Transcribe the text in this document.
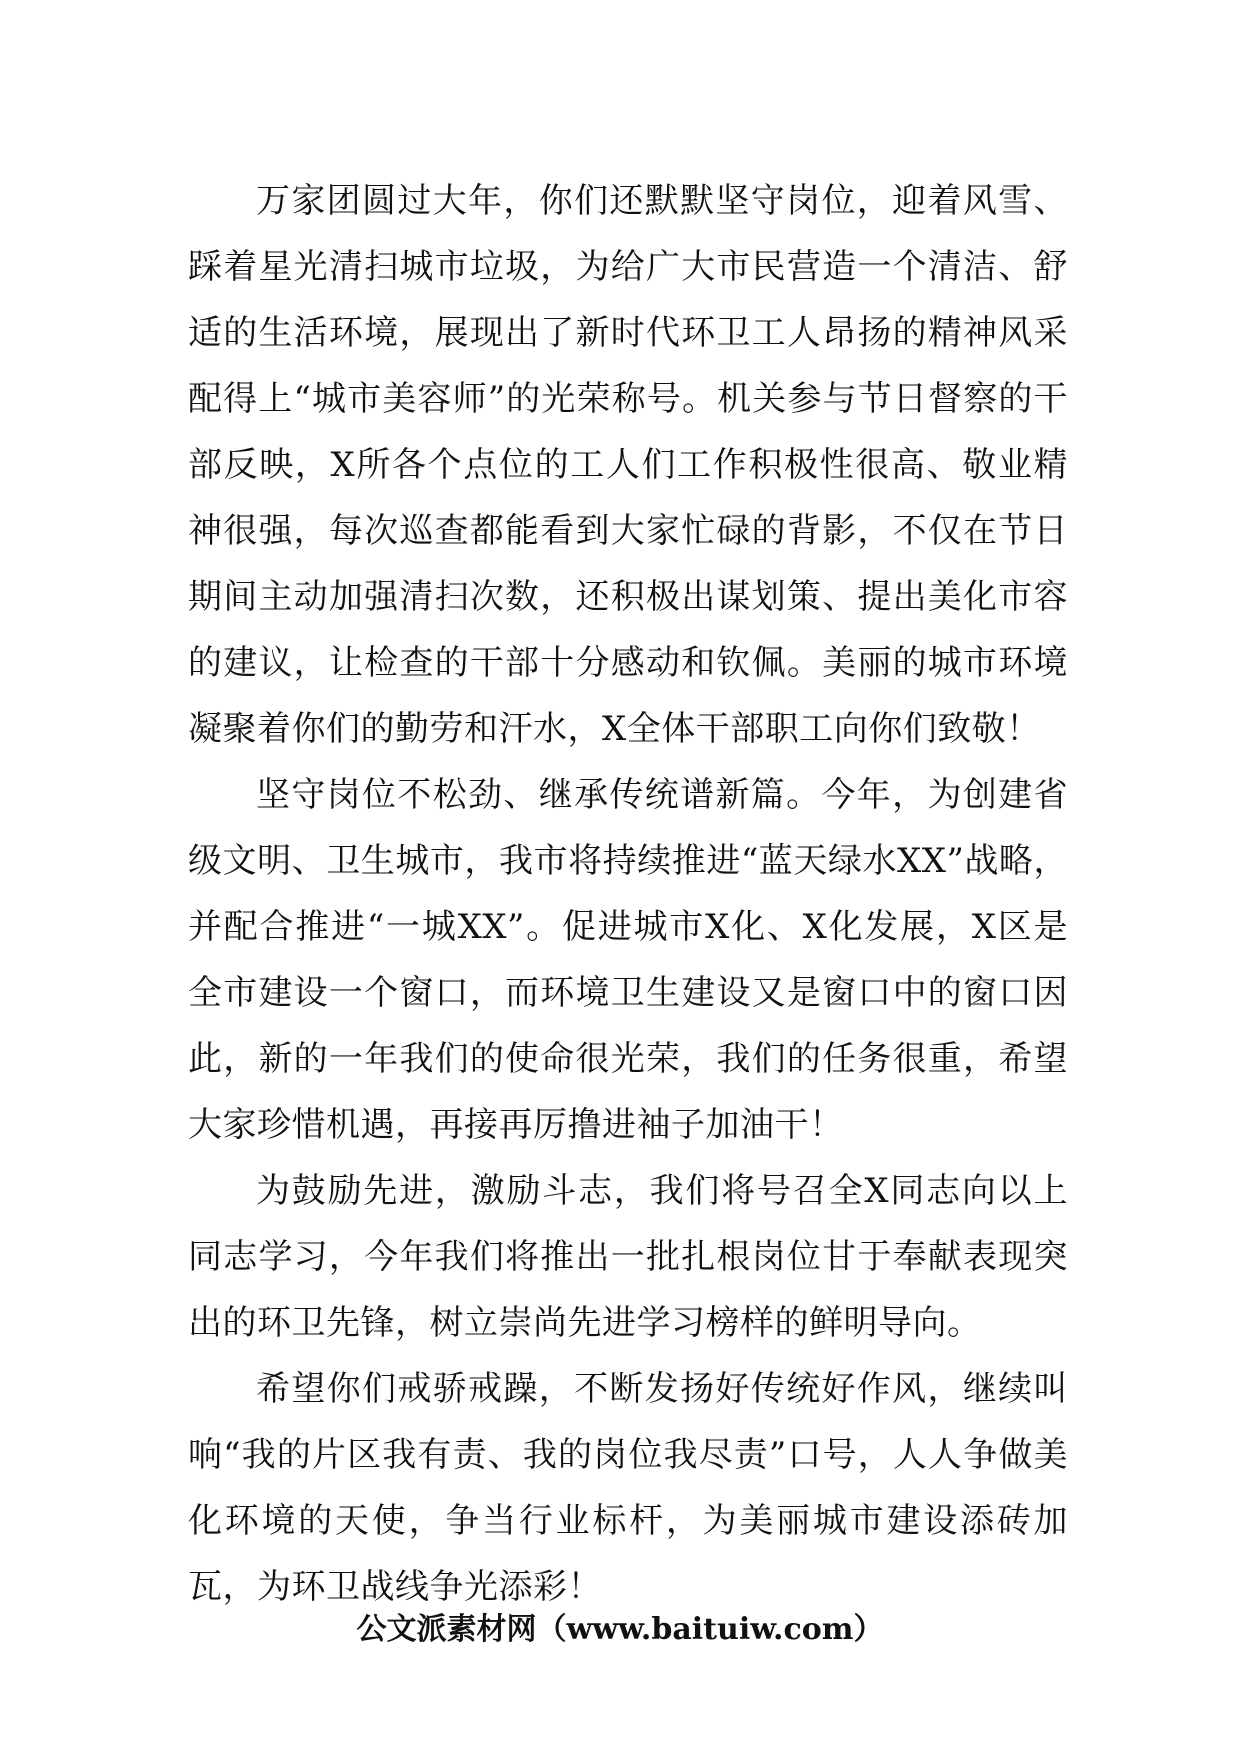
万家团圆过大年，你们还默默坚守岗位，迎着风雪、踩着星光清扫城市垃圾，为给广大市民营造一个清洁、舒适的生活环境，展现出了新时代环卫工人昂扬的精神风采配得上“城市美容师”的光荣称号。机关参与节日督察的干部反映，X所各个点位的工人们工作积极性很高、敬业精神很强，每次巡查都能看到大家忙碌的背影，不仅在节日期间主动加强清扫次数，还积极出谋划策、提出美化市容的建议，让检查的干部十分感动和钦佩。美丽的城市环境凝聚着你们的勤劳和汗水，X全体干部职工向你们致敬！

坚守岗位不松劲、继承传统谱新篇。今年，为创建省级文明、卫生城市，我市将持续推进“蓝天绿水XX”战略，并配合推进“一城XX”。促进城市X化、X化发展，X区是全市建设一个窗口，而环境卫生建设又是窗口中的窗口因此，新的一年我们的使命很光荣，我们的任务很重，希望大家珍惜机遇，再接再厉撸进袖子加油干！

为鼓励先进，激励斗志，我们将号召全X同志向以上同志学习，今年我们将推出一批扎根岗位甘于奉献表现突出的环卫先锋，树立崇尚先进学习榜样的鲜明导向。

希望你们戒骄戒躁，不断发扬好传统好作风，继续叫响“我的片区我有责、我的岗位我尽责”口号，人人争做美化环境的天使，争当行业标杆，为美丽城市建设添砖加瓦，为环卫战线争光添彩！

公文派素材网（www.baituiw.com）
